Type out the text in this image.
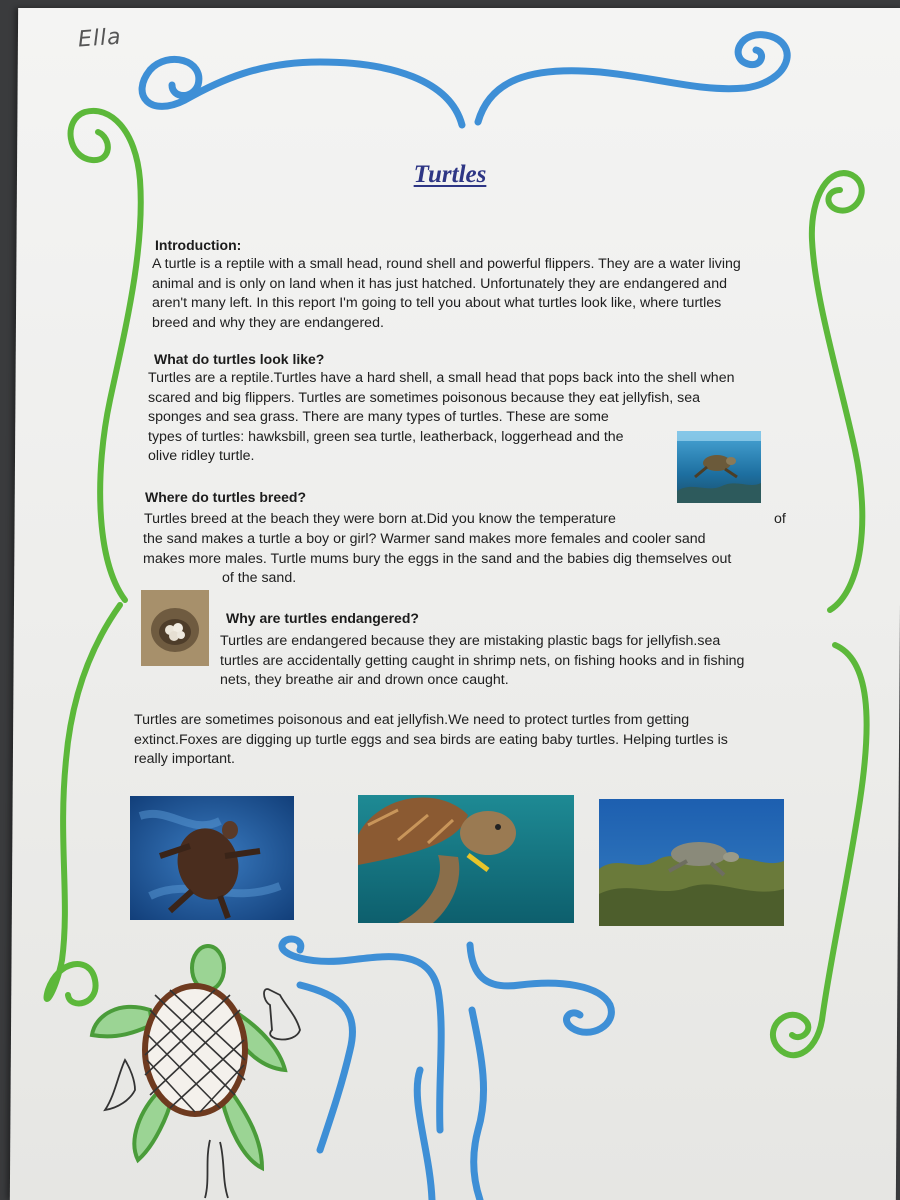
Ella

Turtles
Introduction:

A turtle is a reptile with a small head, round shell and powerful flippers. They are a water living
animal and is only on land when it has just hatched. Unfortunately they are endangered and
aren't many left. In this report I'm going to tell you about what turtles look like, where turtles
breed and why they are endangered.

What do turtles look like?

Turtles are a reptile.Turtles have a hard shell, a small head that pops back into the shell when
scared and big flippers. Turtles are sometimes poisonous because they eat jellyfish, sea
sponges and sea grass. There are many types of turtles. These are some
types of turtles: hawksbill, green sea turtle, leatherback, loggerhead and the
olive ridley turtle.

Where do turtles breed?

Turtles breed at the beach they were born at.Did you know the temperature	of

the sand makes a turtle a boy or girl? Warmer sand makes more females and cooler sand
makes more males. Turtle mums bury the eggs in the sand and the babies dig themselves out

of the sand.

Why are turtles endangered?

Turtles are endangered because they are mistaking plastic bags for jellyfish.sea
turtles are accidentally getting caught in shrimp nets, on fishing hooks and in fishing
nets, they breathe air and drown once caught.

Turtles are sometimes poisonous and eat jellyfish.We need to protect turtles from getting
extinct.Foxes are digging up turtle eggs and sea birds are eating baby turtles. Helping turtles is
really important.
